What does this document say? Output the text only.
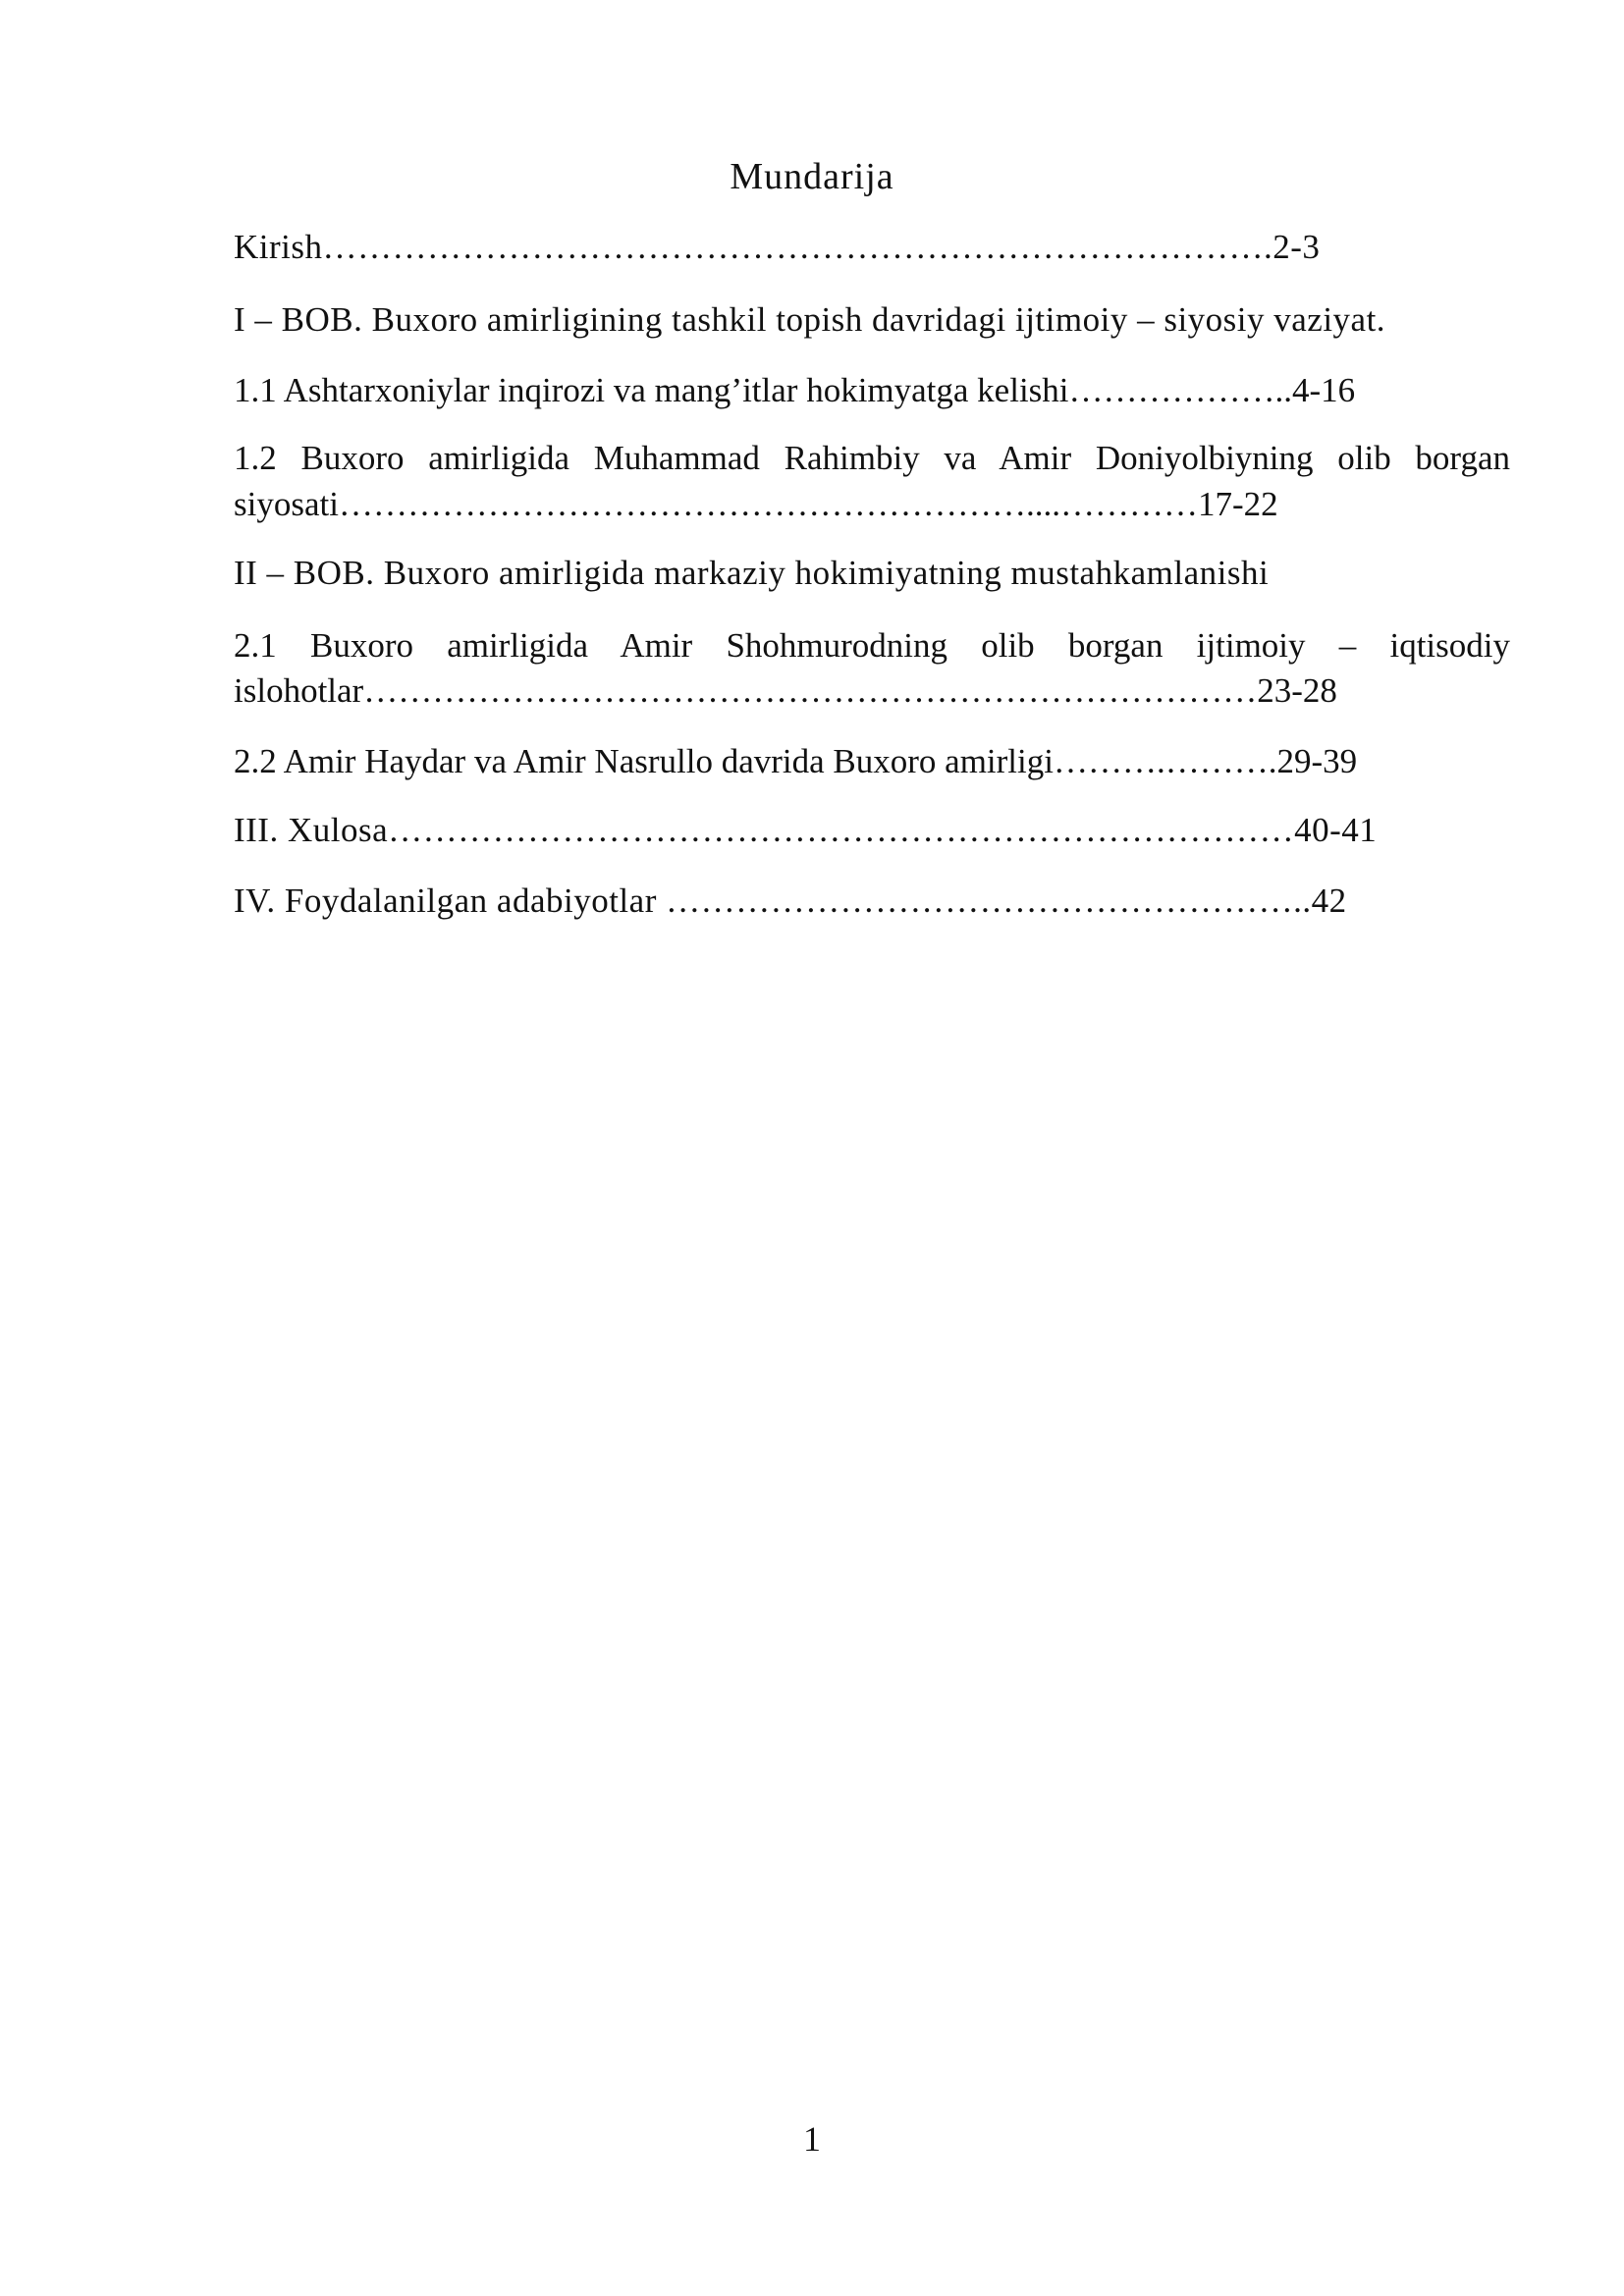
Mundarija
Kirish……………………………………………………………………….2-3
I – BOB. Buxoro amirligining tashkil topish davridagi ijtimoiy – siyosiy vaziyat.
1.1 Ashtarxoniylar inqirozi va mang’itlar hokimyatga kelishi………………..4-16
1.2 Buxoro amirligida Muhammad Rahimbiy va Amir Doniyolbiyning olib borgan
siyosati……………………………………………………....…………17-22
II – BOB. Buxoro amirligida markaziy hokimiyatning mustahkamlanishi
2.1 Buxoro amirligida Amir Shohmurodning olib borgan ijtimoiy – iqtisodiy
islohotlar……………………………………………………………………23-28
2.2 Amir Haydar va Amir Nasrullo davrida Buxoro amirligi……….……….29-39
III. Xulosa……………………………………………………………………40-41
IV. Foydalanilgan adabiyotlar ………………………………………………..42
1
